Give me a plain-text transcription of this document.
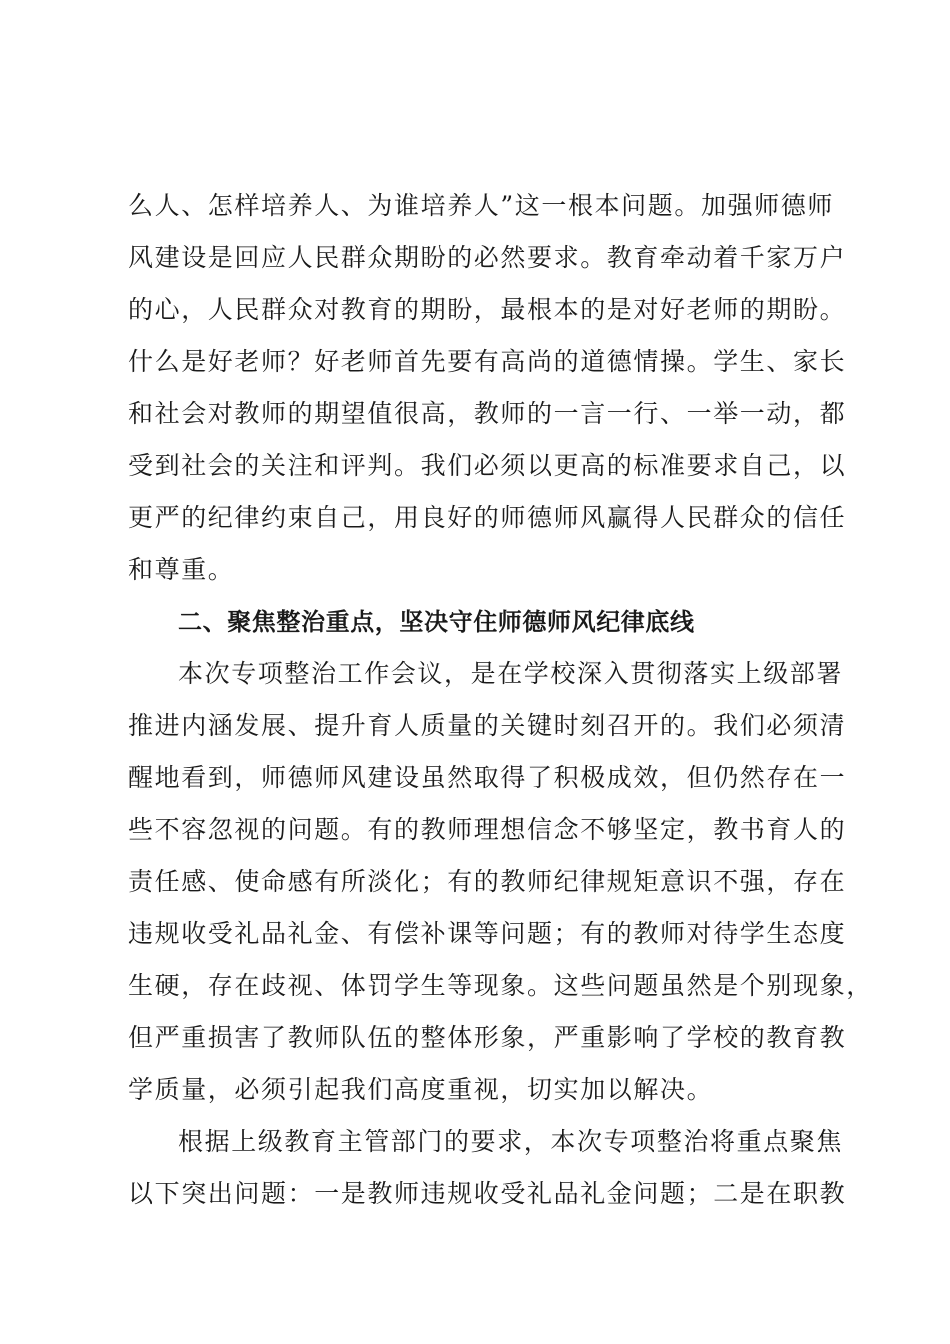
么人、怎样培养人、为谁培养人”这一根本问题。加强师德师
风建设是回应人民群众期盼的必然要求。教育牵动着千家万户
的心，人民群众对教育的期盼，最根本的是对好老师的期盼。
什么是好老师？好老师首先要有高尚的道德情操。学生、家长
和社会对教师的期望值很高，教师的一言一行、一举一动，都
受到社会的关注和评判。我们必须以更高的标准要求自己，以
更严的纪律约束自己，用良好的师德师风赢得人民群众的信任
和尊重。
二、聚焦整治重点，坚决守住师德师风纪律底线
本次专项整治工作会议，是在学校深入贯彻落实上级部署
推进内涵发展、提升育人质量的关键时刻召开的。我们必须清
醒地看到，师德师风建设虽然取得了积极成效，但仍然存在一
些不容忽视的问题。有的教师理想信念不够坚定，教书育人的
责任感、使命感有所淡化；有的教师纪律规矩意识不强，存在
违规收受礼品礼金、有偿补课等问题；有的教师对待学生态度
生硬，存在歧视、体罚学生等现象。这些问题虽然是个别现象，
但严重损害了教师队伍的整体形象，严重影响了学校的教育教
学质量，必须引起我们高度重视，切实加以解决。
根据上级教育主管部门的要求，本次专项整治将重点聚焦
以下突出问题：一是教师违规收受礼品礼金问题；二是在职教
